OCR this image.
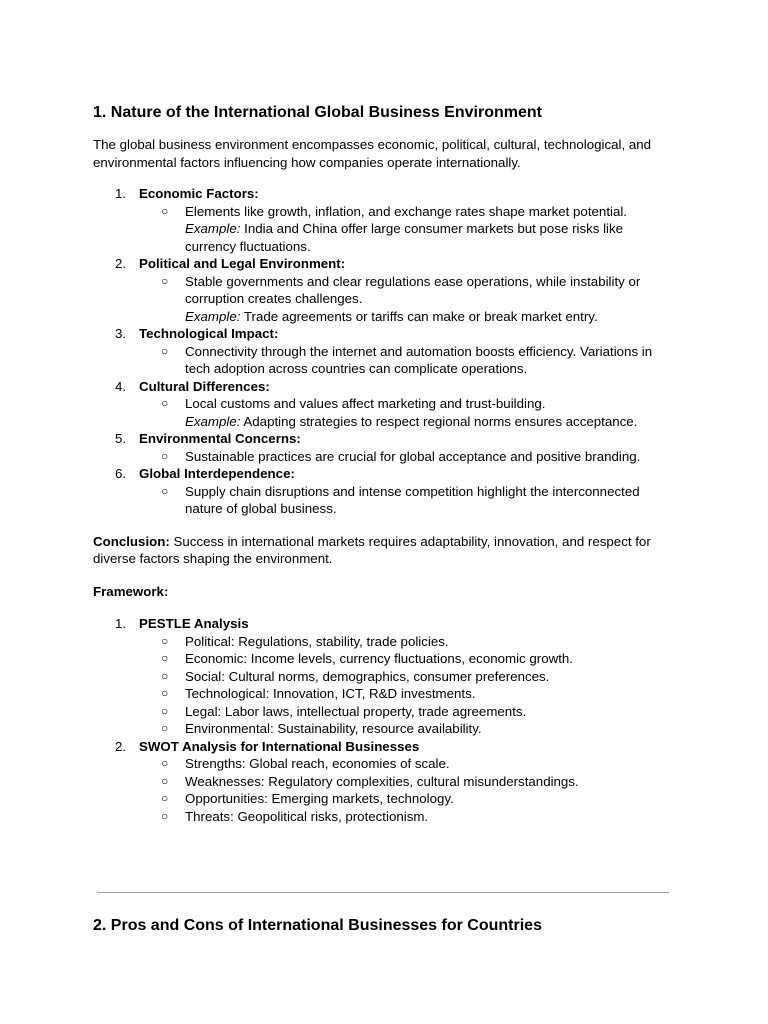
1. Nature of the International Global Business Environment

The global business environment encompasses economic, political, cultural, technological, and environmental factors influencing how companies operate internationally.

1. Economic Factors:
○ Elements like growth, inflation, and exchange rates shape market potential.
Example: India and China offer large consumer markets but pose risks like currency fluctuations.
2. Political and Legal Environment:
○ Stable governments and clear regulations ease operations, while instability or corruption creates challenges.
Example: Trade agreements or tariffs can make or break market entry.
3. Technological Impact:
○ Connectivity through the internet and automation boosts efficiency. Variations in tech adoption across countries can complicate operations.
4. Cultural Differences:
○ Local customs and values affect marketing and trust-building.
Example: Adapting strategies to respect regional norms ensures acceptance.
5. Environmental Concerns:
○ Sustainable practices are crucial for global acceptance and positive branding.
6. Global Interdependence:
○ Supply chain disruptions and intense competition highlight the interconnected nature of global business.

Conclusion: Success in international markets requires adaptability, innovation, and respect for diverse factors shaping the environment.

Framework:

1. PESTLE Analysis
○ Political: Regulations, stability, trade policies.
○ Economic: Income levels, currency fluctuations, economic growth.
○ Social: Cultural norms, demographics, consumer preferences.
○ Technological: Innovation, ICT, R&D investments.
○ Legal: Labor laws, intellectual property, trade agreements.
○ Environmental: Sustainability, resource availability.
2. SWOT Analysis for International Businesses
○ Strengths: Global reach, economies of scale.
○ Weaknesses: Regulatory complexities, cultural misunderstandings.
○ Opportunities: Emerging markets, technology.
○ Threats: Geopolitical risks, protectionism.
2. Pros and Cons of International Businesses for Countries
